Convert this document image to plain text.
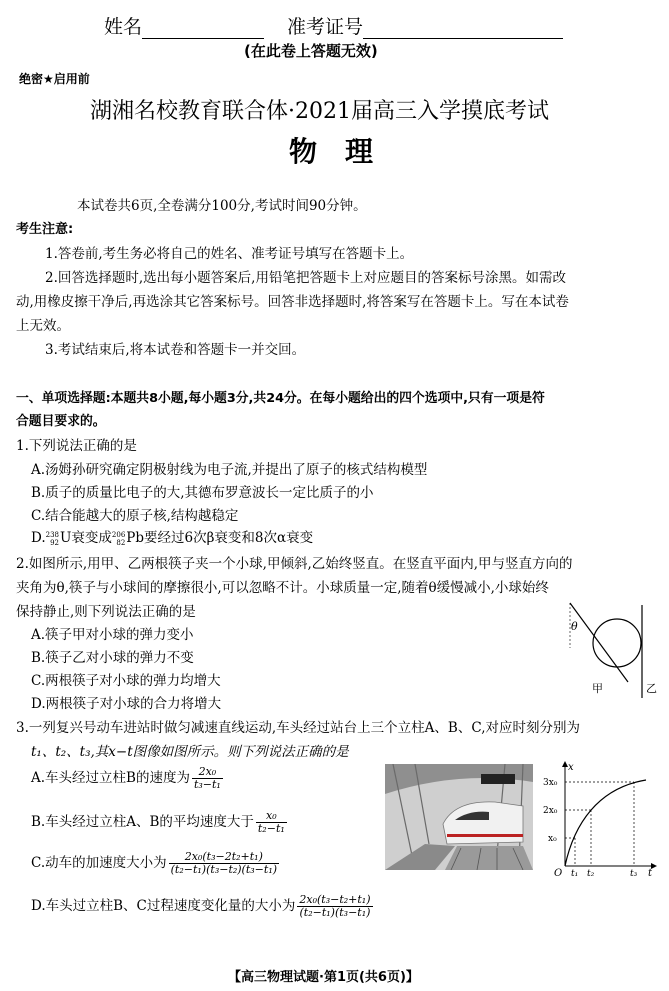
姓名	准考证号
(在此卷上答题无效)
绝密★启用前
湖湘名校教育联合体·2021届高三入学摸底考试
物　理
本试卷共6页,全卷满分100分,考试时间90分钟。
考生注意:
1.答卷前,考生务必将自己的姓名、准考证号填写在答题卡上。
2.回答选择题时,选出每小题答案后,用铅笔把答题卡上对应题目的答案标号涂黑。如需改
动,用橡皮擦干净后,再选涂其它答案标号。回答非选择题时,将答案写在答题卡上。写在本试卷
上无效。
3.考试结束后,将本试卷和答题卡一并交回。
一、单项选择题:本题共8小题,每小题3分,共24分。在每小题给出的四个选项中,只有一项是符
合题目要求的。
1.下列说法正确的是
A.汤姆孙研究确定阴极射线为电子流,并提出了原子的核式结构模型
B.质子的质量比电子的大,其德布罗意波长一定比质子的小
C.结合能越大的原子核,结构越稳定
D. 238
92 U衰变成 206
82 Pb要经过6次β衰变和8次α衰变
2.如图所示,用甲、乙两根筷子夹一个小球,甲倾斜,乙始终竖直。在竖直平面内,甲与竖直方向的
夹角为θ,筷子与小球间的摩擦很小,可以忽略不计。小球质量一定,随着θ缓慢减小,小球始终
保持静止,则下列说法正确的是
A.筷子甲对小球的弹力变小
B.筷子乙对小球的弹力不变
C.两根筷子对小球的弹力均增大
D.两根筷子对小球的合力将增大
θ
甲	乙
3.一列复兴号动车进站时做匀减速直线运动,车头经过站台上三个立柱A、B、C,对应时刻分别为
t₁、t₂、t₃,其x−t图像如图所示。则下列说法正确的是
A.车头经过立柱B的速度为 $\frac{\text{2x₀}}{\text{t₃−t₁}}$
B.车头经过立柱A、B的平均速度大于 $\frac{\text{x₀}}{\text{t₂−t₁}}$
C.动车的加速度大小为 $\frac{\text{2x₀(t₃−2t₂+t₁)}}{\text{(t₂−t₁)(t₃−t₂)(t₃−t₁)}}$
D.车头过立柱B、C过程速度变化量的大小为 $\frac{\text{2x₀(t₃−t₂+t₁)}}{\text{(t₂−t₁)(t₃−t₁)}}$
x
t
O
3x₀
2x₀
x₀
t₁ t₂	t₃
【高三物理试题·第1页(共6页)】
